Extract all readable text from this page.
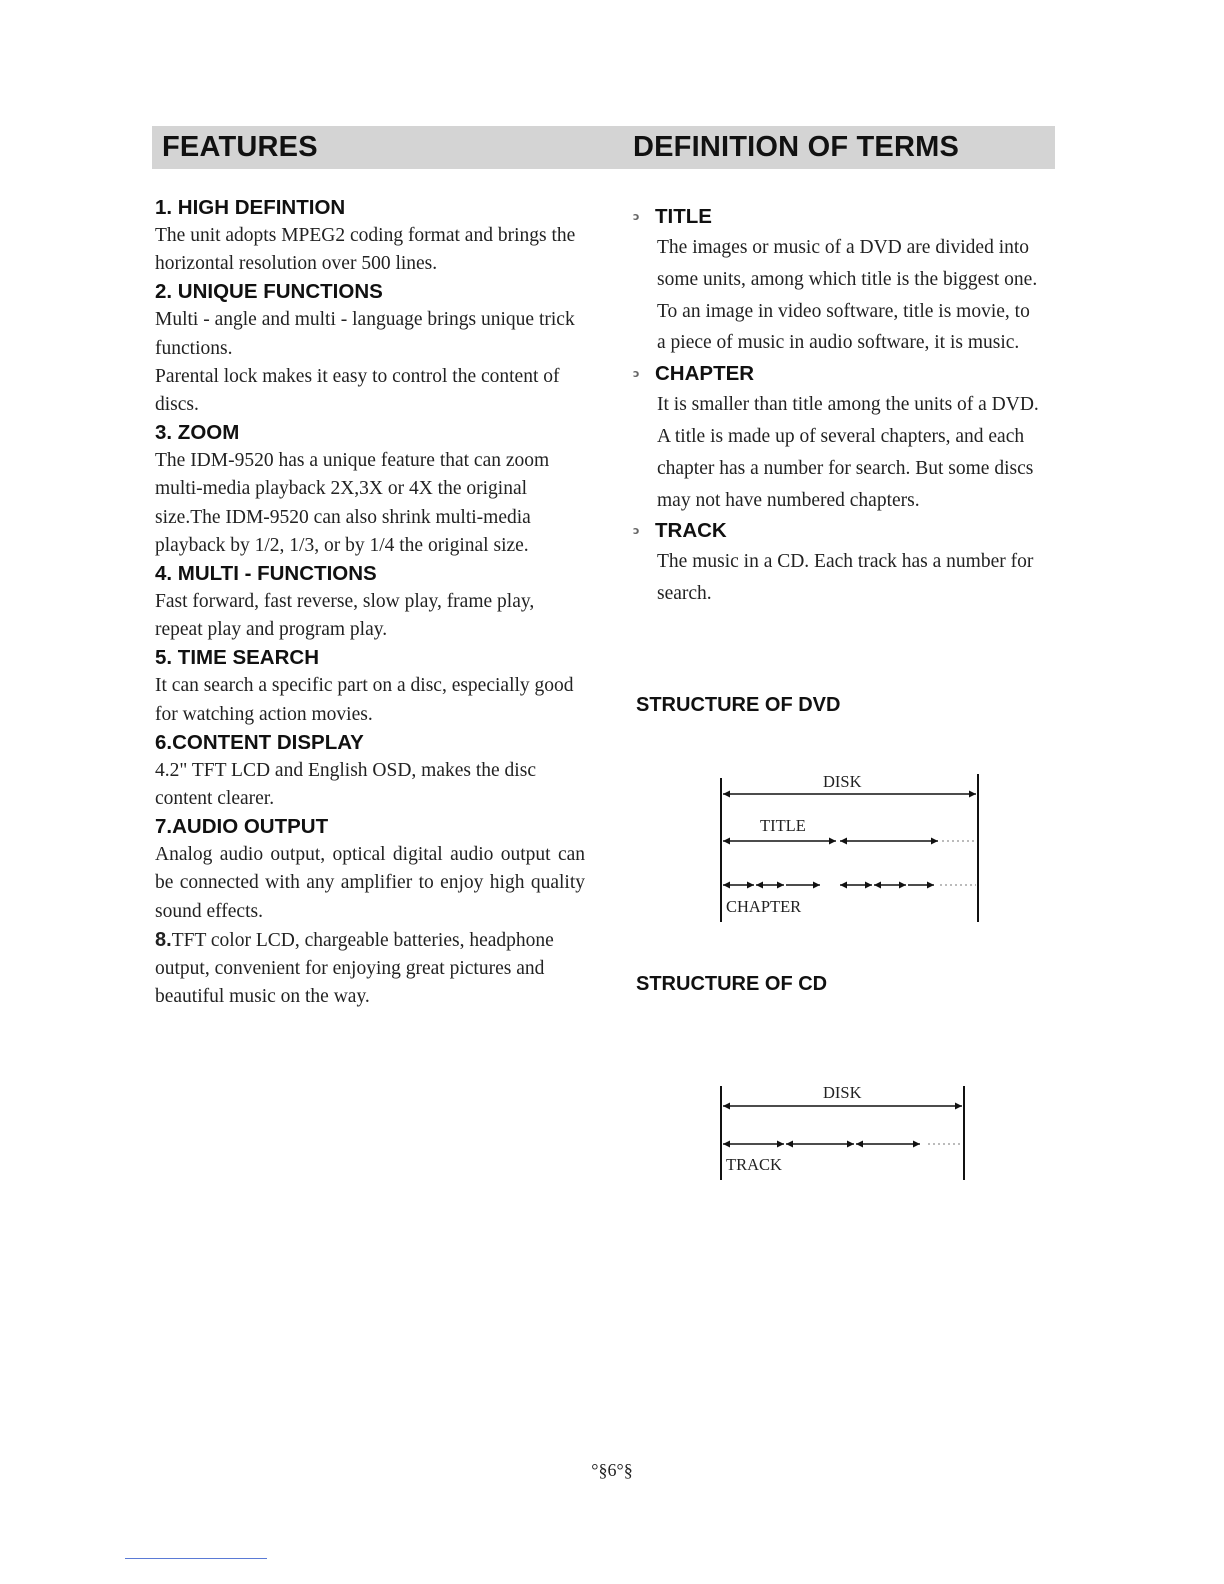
FEATURES	DEFINITION OF TERMS

1. HIGH DEFINTION

The unit adopts MPEG2 coding format and brings the horizontal resolution over 500 lines.

2. UNIQUE FUNCTIONS

Multi - angle and multi - language brings unique trick functions.

Parental lock makes it easy to control the content of discs.

3. ZOOM

The IDM-9520 has a unique feature that can zoom multi-media playback 2X,3X or 4X the original size.The IDM-9520 can also shrink multi-media playback by 1/2, 1/3, or by 1/4 the original size.

4. MULTI - FUNCTIONS

Fast forward, fast reverse, slow play, frame play, repeat play and program play.

5. TIME SEARCH

It can search a specific part on a disc, especially good for watching action movies.

6.CONTENT DISPLAY

4.2" TFT LCD and English OSD, makes the disc content clearer.

7.AUDIO OUTPUT

Analog audio output, optical digital audio output can be connected with any amplifier to enjoy high quality sound effects.

8.TFT color LCD, chargeable batteries, headphone output, convenient for enjoying great pictures and beautiful music on the way.

ↄ TITLE

The images or music of a DVD are divided into some units, among which title is the biggest one. To an image in video software, title is movie, to a piece of music in audio software, it is music.

ↄ CHAPTER

It is smaller than title among the units of a DVD. A title is made up of several chapters, and each chapter has a number for search. But some discs may not have numbered chapters.

ↄ TRACK

The music in a CD. Each track has a number for search.

STRUCTURE OF DVD
DISK
TITLE
CHAPTER
STRUCTURE OF CD
DISK
TRACK
°§6°§
